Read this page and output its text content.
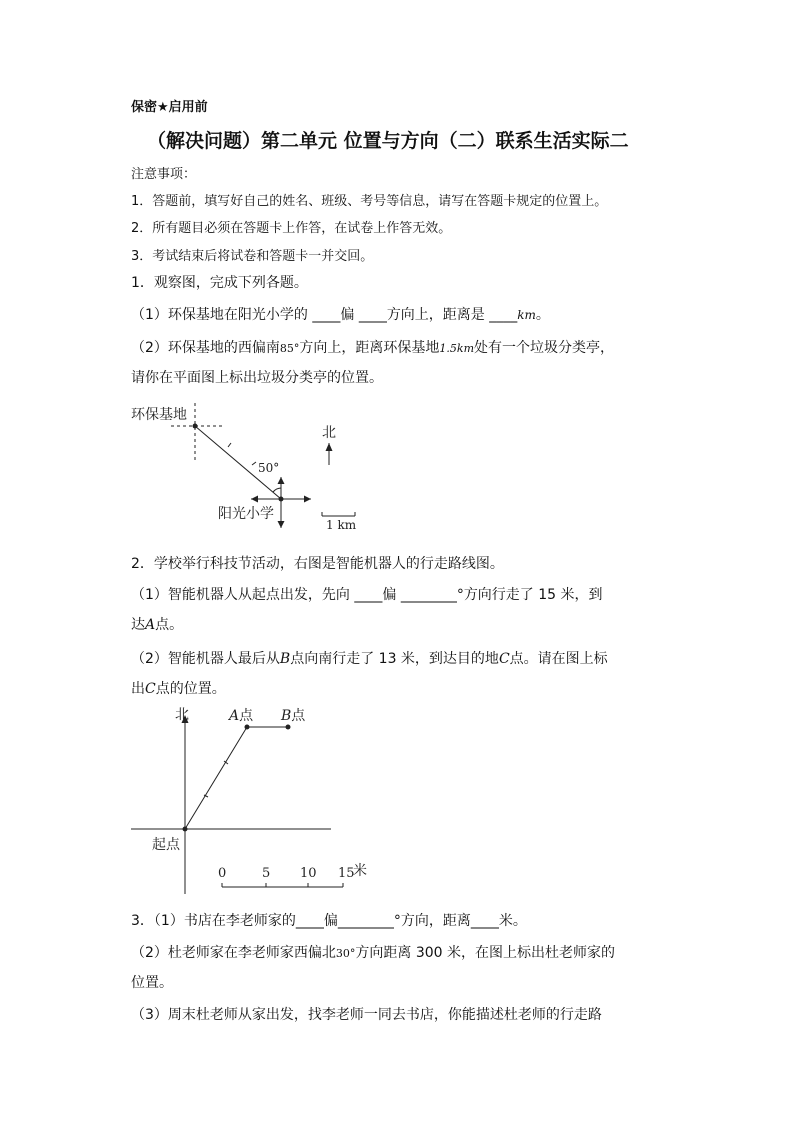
保密★启用前
（解决问题）第二单元 位置与方向（二）联系生活实际二
注意事项：
1．答题前，填写好自己的姓名、班级、考号等信息，请写在答题卡规定的位置上。
2．所有题目必须在答题卡上作答，在试卷上作答无效。
3．考试结束后将试卷和答题卡一并交回。
1．观察图，完成下列各题。
（1）环保基地在阳光小学的 ____偏 ____方向上，距离是 ____km。
（2）环保基地的西偏南85°方向上，距离环保基地1.5km处有一个垃圾分类亭，
请你在平面图上标出垃圾分类亭的位置。
环保基地
阳光小学
50°
北
1 km
2．学校举行科技节活动，右图是智能机器人的行走路线图。
（1）智能机器人从起点出发，先向 ____偏 ________°方向行走了 15 米，到
达A点。
（2）智能机器人最后从B点向南行走了 13 米，到达目的地C点。请在图上标
出C点的位置。
北	A点 B点
起点
0	5 10 15
米
3．（1）书店在李老师家的____偏________°方向，距离____米。
（2）杜老师家在李老师家西偏北30°方向距离 300 米，在图上标出杜老师家的
位置。
（3）周末杜老师从家出发，找李老师一同去书店，你能描述杜老师的行走路
